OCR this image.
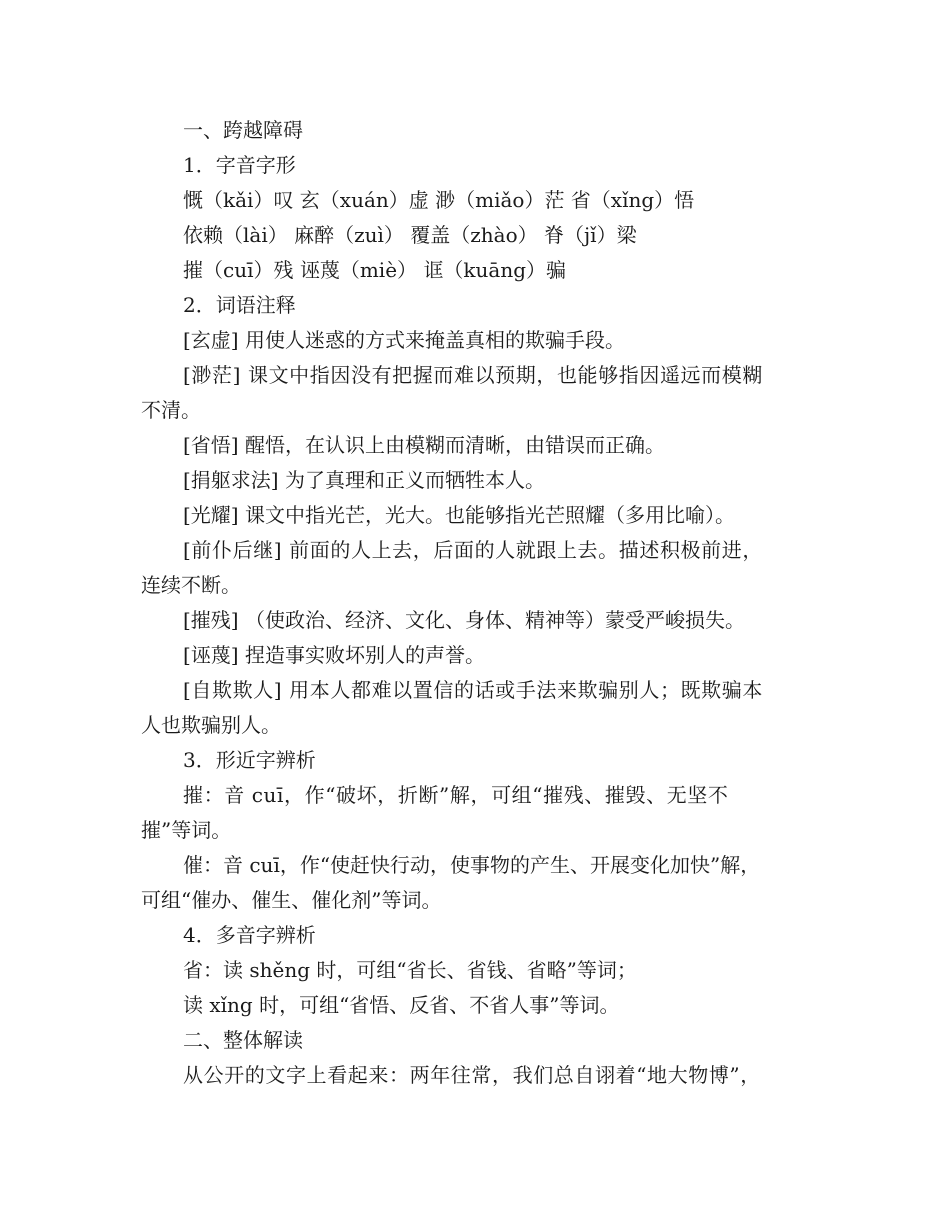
一、跨越障碍
1．字音字形
慨（kǎi）叹 玄（xuán）虚 渺（miǎo）茫 省（xǐng）悟
依赖（lài） 麻醉（zuì） 覆盖（zhào） 脊（jǐ）梁
摧（cuī）残 诬蔑（miè） 诓（kuāng）骗
2．词语注释
[玄虚] 用使人迷惑的方式来掩盖真相的欺骗手段。
[渺茫] 课文中指因没有把握而难以预期，也能够指因遥远而模糊
不清。
[省悟] 醒悟，在认识上由模糊而清晰，由错误而正确。
[捐躯求法] 为了真理和正义而牺牲本人。
[光耀] 课文中指光芒，光大。也能够指光芒照耀（多用比喻）。
[前仆后继] 前面的人上去，后面的人就跟上去。描述积极前进，
连续不断。
[摧残] （使政治、经济、文化、身体、精神等）蒙受严峻损失。
[诬蔑] 捏造事实败坏别人的声誉。
[自欺欺人] 用本人都难以置信的话或手法来欺骗别人；既欺骗本
人也欺骗别人。
3．形近字辨析
摧：音 cuī，作“破坏，折断”解，可组“摧残、摧毁、无坚不
摧”等词。
催：音 cuī，作“使赶快行动，使事物的产生、开展变化加快”解，
可组“催办、催生、催化剂”等词。
4．多音字辨析
省：读 shěng 时，可组“省长、省钱、省略”等词；
读 xǐng 时，可组“省悟、反省、不省人事”等词。
二、整体解读
从公开的文字上看起来：两年往常，我们总自诩着“地大物博”，
